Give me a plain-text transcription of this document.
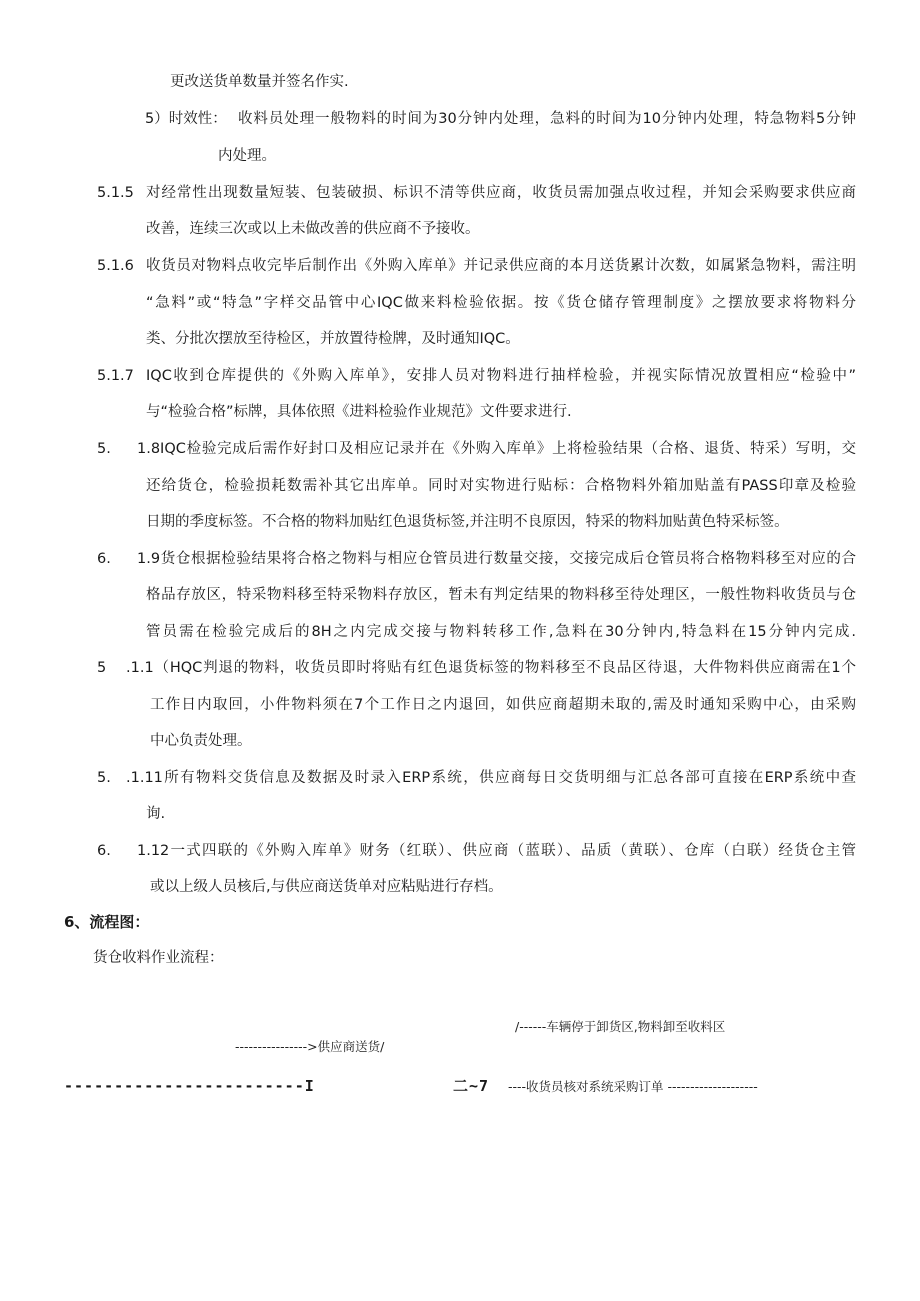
更改送货单数量并签名作实.
5）时效性： 收料员处理一般物料的时间为30分钟内处理，急料的时间为10分钟内处理，特急物料5分钟
内处理。
5.1.5 对经常性出现数量短装、包装破损、标识不清等供应商，收货员需加强点收过程，并知会采购要求供应商
改善，连续三次或以上未做改善的供应商不予接收。
5.1.6 收货员对物料点收完毕后制作出《外购入库单》并记录供应商的本月送货累计次数，如属紧急物料，需注明
“急料”或“特急”字样交品管中心IQC做来料检验依据。按《货仓储存管理制度》之摆放要求将物料分
类、分批次摆放至待检区，并放置待检牌，及时通知IQC。
5.1.7 IQC收到仓库提供的《外购入库单》，安排人员对物料进行抽样检验，并视实际情况放置相应“检验中”
与“检验合格”标牌，具体依照《进料检验作业规范》文件要求进行.
5. 1.8IQC检验完成后需作好封口及相应记录并在《外购入库单》上将检验结果（合格、退货、特采）写明，交
还给货仓，检验损耗数需补其它出库单。同时对实物进行贴标：合格物料外箱加贴盖有PASS印章及检验
日期的季度标签。不合格的物料加贴红色退货标签,并注明不良原因，特采的物料加贴黄色特采标签。
6. 1.9货仓根据检验结果将合格之物料与相应仓管员进行数量交接，交接完成后仓管员将合格物料移至对应的合
格品存放区，特采物料移至特采物料存放区，暂未有判定结果的物料移至待处理区，一般性物料收货员与仓
管员需在检验完成后的8H之内完成交接与物料转移工作,急料在30分钟内,特急料在15分钟内完成.
5 .1.1（HQC判退的物料，收货员即时将贴有红色退货标签的物料移至不良品区待退，大件物料供应商需在1个
工作日内取回，小件物料须在7个工作日之内退回，如供应商超期未取的,需及时通知采购中心，由采购
中心负责处理。
5. .1.11所有物料交货信息及数据及时录入ERP系统，供应商每日交货明细与汇总各部可直接在ERP系统中查
询.
6. 1.12一式四联的《外购入库单》财务（红联）、供应商（蓝联）、品质（黄联）、仓库（白联）经货仓主管
或以上级人员核后,与供应商送货单对应粘贴进行存档。
6、流程图：
货仓收料作业流程：
/------车辆停于卸货区,物料卸至收料区
---------------->供应商送货/
------------------------I	二~7 ----收货员核对系统采购订单 --------------------
